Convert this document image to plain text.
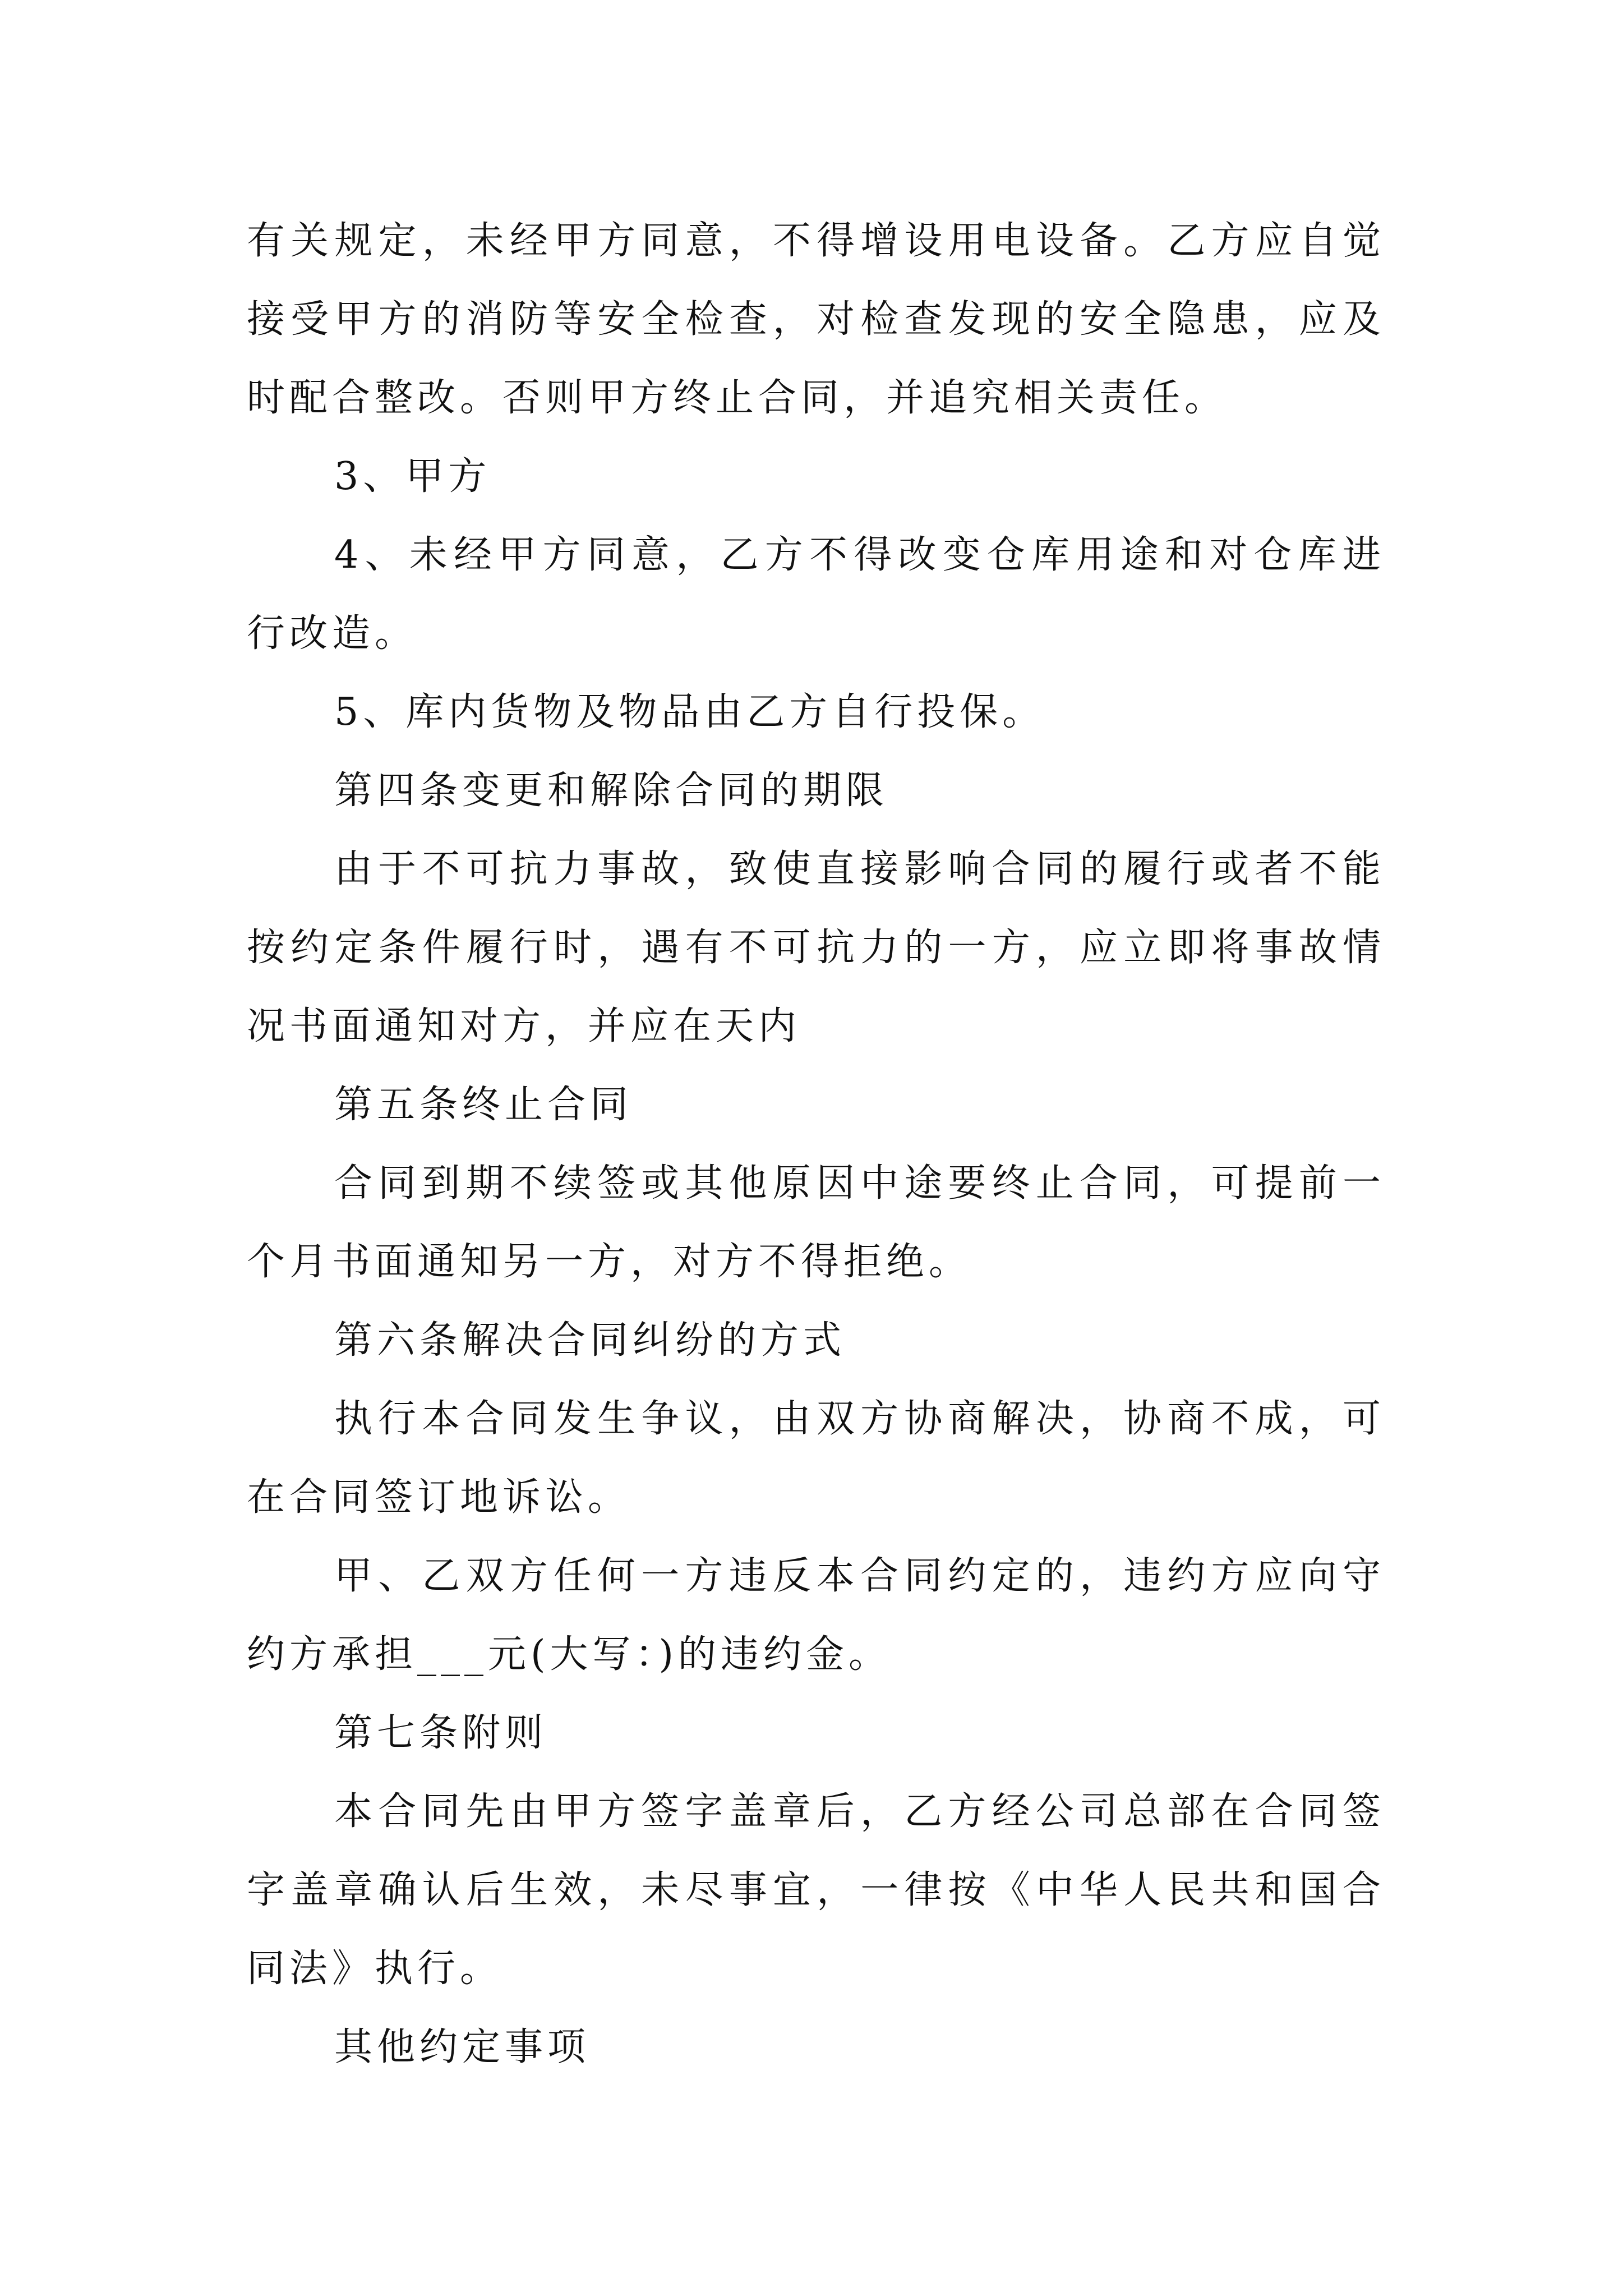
有关规定，未经甲方同意，不得增设用电设备。乙方应自觉接受甲方的消防等安全检查，对检查发现的安全隐患，应及时配合整改。否则甲方终止合同，并追究相关责任。

3、甲方

4、未经甲方同意，乙方不得改变仓库用途和对仓库进行改造。

5、库内货物及物品由乙方自行投保。

第四条变更和解除合同的期限

由于不可抗力事故，致使直接影响合同的履行或者不能按约定条件履行时，遇有不可抗力的一方，应立即将事故情况书面通知对方，并应在天内

第五条终止合同

合同到期不续签或其他原因中途要终止合同，可提前一个月书面通知另一方，对方不得拒绝。

第六条解决合同纠纷的方式

执行本合同发生争议，由双方协商解决，协商不成，可在合同签订地诉讼。

甲、乙双方任何一方违反本合同约定的，违约方应向守约方承担___元(大写：)的违约金。

第七条附则

本合同先由甲方签字盖章后，乙方经公司总部在合同签字盖章确认后生效，未尽事宜，一律按《中华人民共和国合同法》执行。

其他约定事项
